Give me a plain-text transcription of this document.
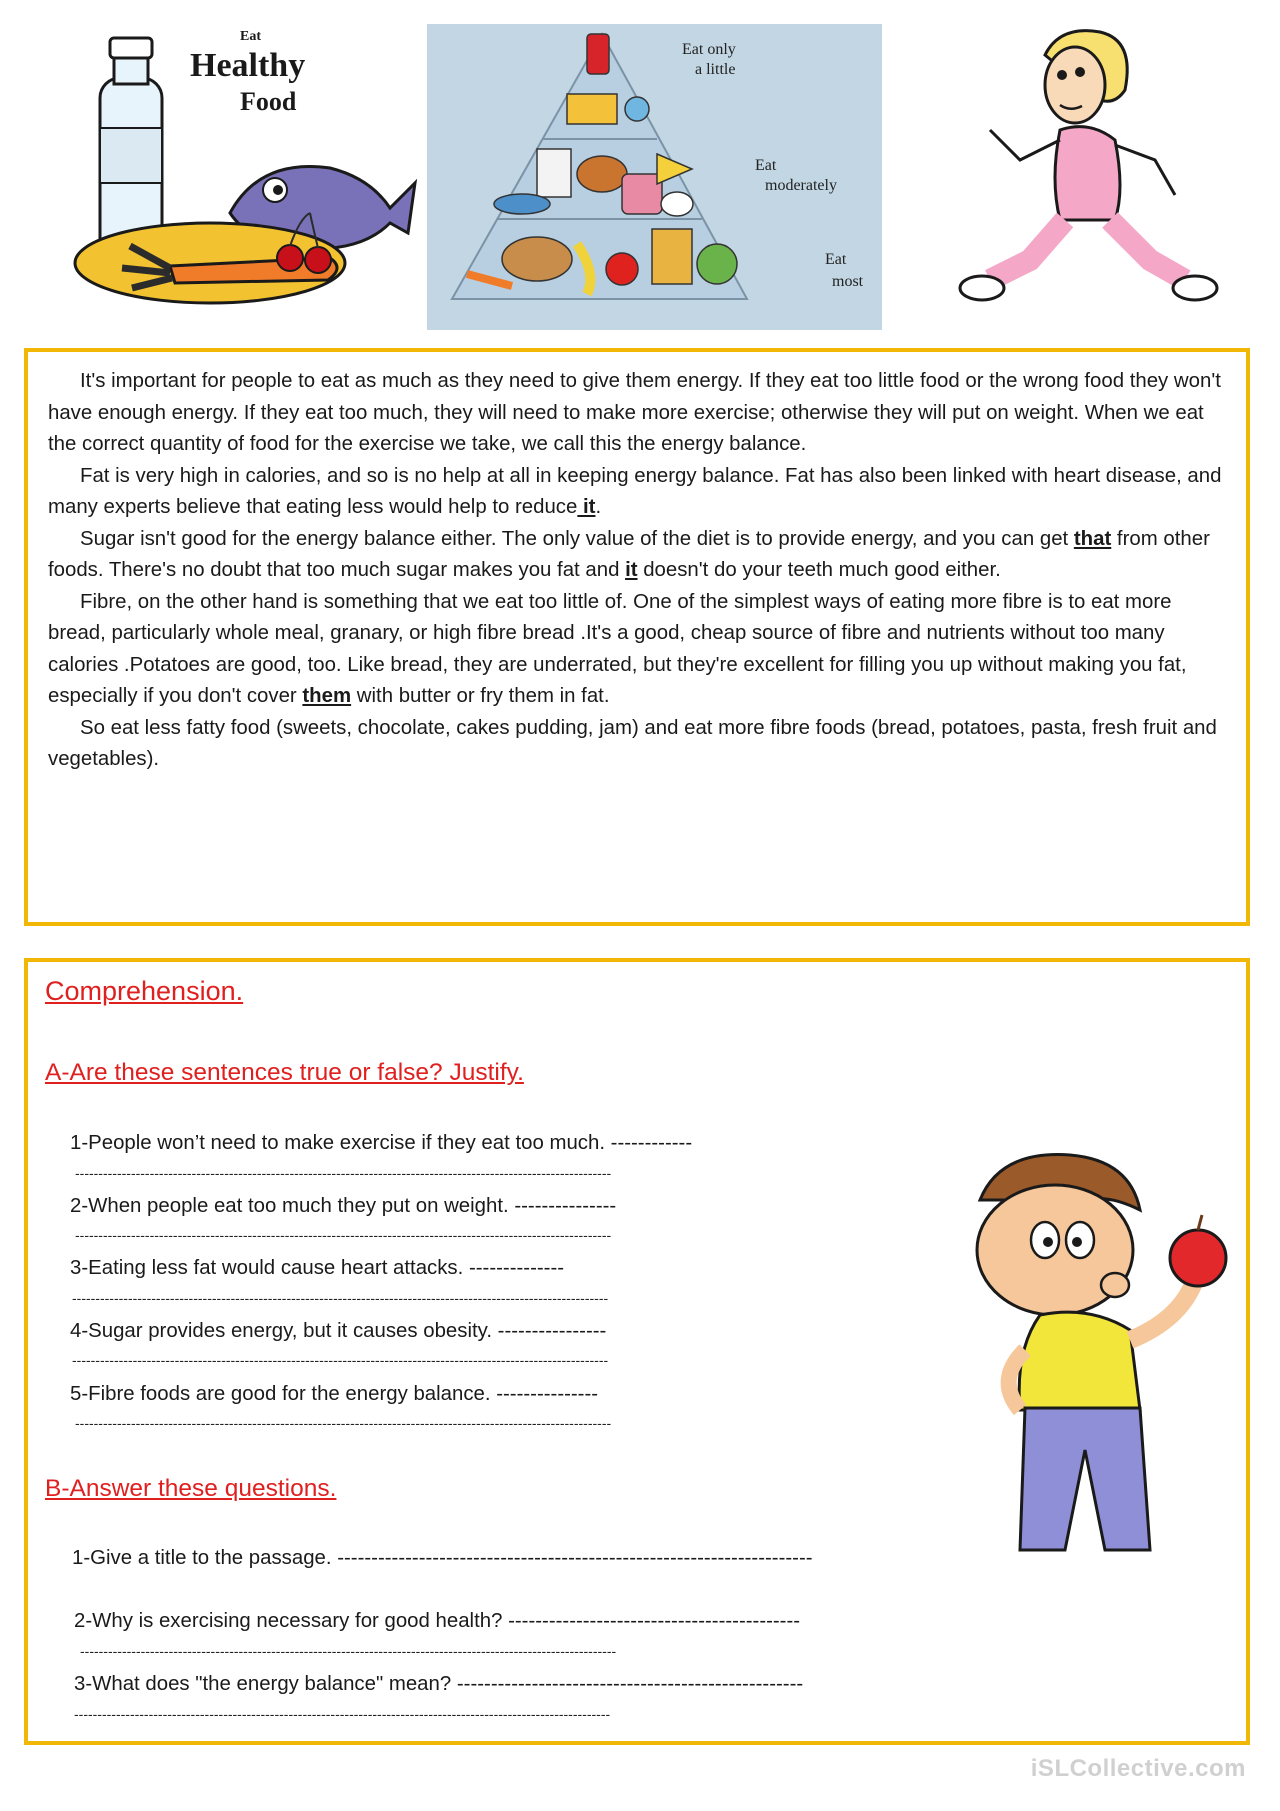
Eat
Healthy
Food
Eat only
a little
Eat
moderately
Eat
most

It's important for people to eat as much as they need to give them energy. If they eat too little food or the wrong food they won't have enough energy. If they eat too much, they will need to make more exercise; otherwise they will put on weight. When we eat the correct quantity of food for the exercise we take, we call this the energy balance.

Fat is very high in calories, and so is no help at all in keeping energy balance. Fat has also been linked with heart disease, and many experts believe that eating less would help to reduce it.

Sugar isn't good for the energy balance either. The only value of the diet is to provide energy, and you can get that from other foods. There's no doubt that too much sugar makes you fat and it doesn't do your teeth much good either.

Fibre, on the other hand is something that we eat too little of. One of the simplest ways of eating more fibre is to eat more bread, particularly whole meal, granary, or high fibre bread .It's a good, cheap source of fibre and nutrients without too many calories .Potatoes are good, too. Like bread, they are underrated, but they're excellent for filling you up without making you fat, especially if you don't cover them with butter or fry them in fat.

So eat less fatty food (sweets, chocolate, cakes pudding, jam) and eat more fibre foods (bread, potatoes, pasta, fresh fruit and vegetables).

Comprehension.
A-Are these sentences true or false? Justify.
1-People won’t need to make exercise if they eat too much. ------------
-------------------------------------------------------------------------------------------------------------------
2-When people eat too much they put on weight. ---------------
-------------------------------------------------------------------------------------------------------------------
3-Eating less fat would cause heart attacks. --------------
-------------------------------------------------------------------------------------------------------------------
4-Sugar provides energy, but it causes obesity. ----------------
-------------------------------------------------------------------------------------------------------------------
5-Fibre foods are good for the energy balance. ---------------
-------------------------------------------------------------------------------------------------------------------
B-Answer these questions.
1-Give a title to the passage. ----------------------------------------------------------------------
2-Why is exercising necessary for good health? -------------------------------------------
-------------------------------------------------------------------------------------------------------------------
3-What does "the energy balance" mean? ---------------------------------------------------
-------------------------------------------------------------------------------------------------------------------
iSLCollective.com
